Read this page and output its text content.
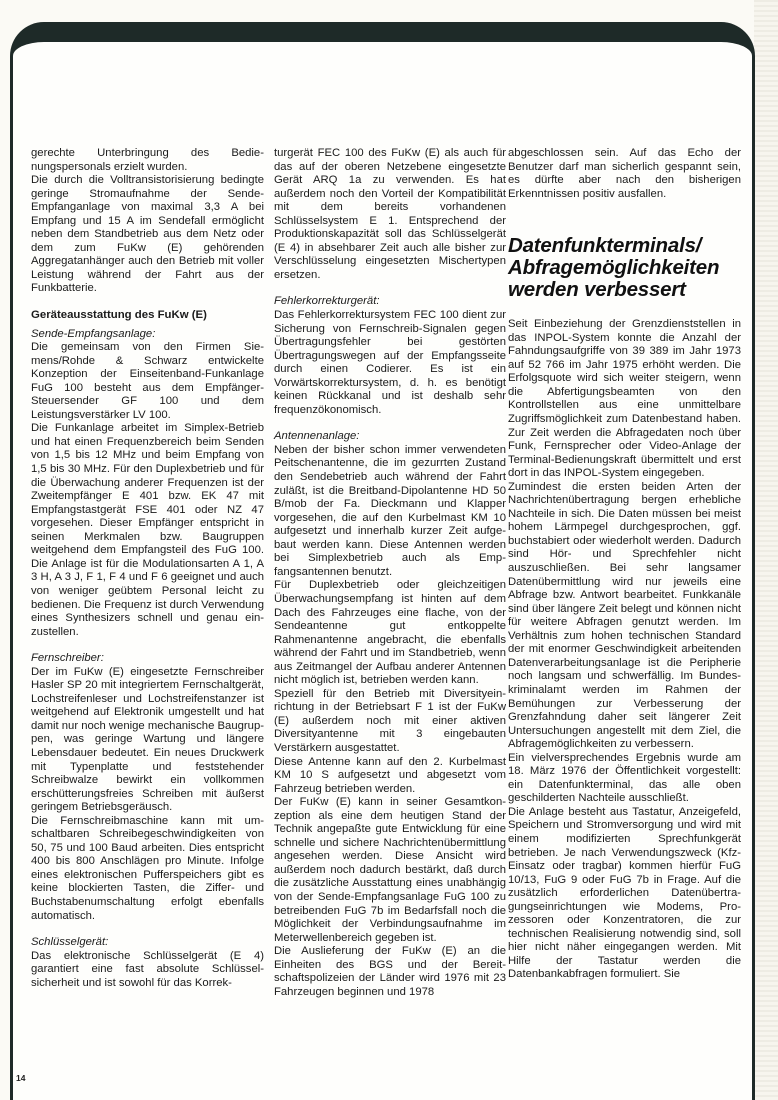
gerechte Unterbringung des Bedienungspersonals erzielt wurden.

Die durch die Volltransistorisierung bedingte geringe Stromaufnahme der Sende-Empfanganlage von maximal 3,3 A bei Empfang und 15 A im Sendefall ermöglicht neben dem Standbetrieb aus dem Netz oder dem zum FuKw (E) gehörenden Aggregatanhänger auch den Betrieb mit voller Leistung während der Fahrt aus der Funkbatterie.

Geräteausstattung des FuKw (E)

Sende-Empfangsanlage:

Die gemeinsam von den Firmen Siemens/Rohde & Schwarz entwickelte Konzeption der Einseitenband-Funkanlage FuG 100 besteht aus dem Empfänger-Steuersender GF 100 und dem Leistungsverstärker LV 100.

Die Funkanlage arbeitet im Simplex-Betrieb und hat einen Frequenzbereich beim Senden von 1,5 bis 12 MHz und beim Empfang von 1,5 bis 30 MHz. Für den Duplexbetrieb und für die Überwachung anderer Frequenzen ist der Zweitempfänger E 401 bzw. EK 47 mit Empfangstastgerät FSE 401 oder NZ 47 vorgesehen. Dieser Empfänger entspricht in seinen Merkmalen bzw. Baugruppen weitgehend dem Empfangsteil des FuG 100. Die Anlage ist für die Modulationsarten A 1, A 3 H, A 3 J, F 1, F 4 und F 6 geeignet und auch von weniger geübtem Personal leicht zu bedienen. Die Frequenz ist durch Verwendung eines Synthesizers schnell und genau einzustellen.

Fernschreiber:

Der im FuKw (E) eingesetzte Fernschreiber Hasler SP 20 mit integriertem Fernschaltgerät, Lochstreifenleser und Lochstreifenstanzer ist weitgehend auf Elektronik umgestellt und hat damit nur noch wenige mechanische Baugruppen, was geringe Wartung und längere Lebensdauer bedeutet. Ein neues Druckwerk mit Typenplatte und feststehender Schreibwalze bewirkt ein vollkommen erschütterungsfreies Schreiben mit äußerst geringem Betriebsgeräusch.

Die Fernschreibmaschine kann mit umschaltbaren Schreibegeschwindigkeiten von 50, 75 und 100 Baud arbeiten. Dies entspricht 400 bis 800 Anschlägen pro Minute. Infolge eines elektronischen Pufferspeichers gibt es keine blockierten Tasten, die Ziffer- und Buchstabenumschaltung erfolgt ebenfalls automatisch.

Schlüsselgerät:

Das elektronische Schlüsselgerät (E 4) garantiert eine fast absolute Schlüsselsicherheit und ist sowohl für das Korrek-

turgerät FEC 100 des FuKw (E) als auch für das auf der oberen Netzebene eingesetzte Gerät ARQ 1a zu verwenden. Es hat außerdem noch den Vorteil der Kompatibilität mit dem bereits vorhandenen Schlüsselsystem E 1. Entsprechend der Produktionskapazität soll das Schlüsselgerät (E 4) in absehbarer Zeit auch alle bisher zur Verschlüsselung eingesetzten Mischertypen ersetzen.

Fehlerkorrekturgerät:

Das Fehlerkorrektursystem FEC 100 dient zur Sicherung von Fernschreib-Signalen gegen Übertragungsfehler bei gestörten Übertragungswegen auf der Empfangsseite durch einen Codierer. Es ist ein Vorwärtskorrektursystem, d. h. es benötigt keinen Rückkanal und ist deshalb sehr frequenzökonomisch.

Antennenanlage:

Neben der bisher schon immer verwendeten Peitschenantenne, die im gezurrten Zustand den Sendebetrieb auch während der Fahrt zuläßt, ist die Breitband-Dipolantenne HD 50 B/mob der Fa. Dieckmann und Klapper vorgesehen, die auf den Kurbelmast KM 10 aufgesetzt und innerhalb kurzer Zeit aufgebaut werden kann. Diese Antennen werden bei Simplexbetrieb auch als Empfangsantennen benutzt.

Für Duplexbetrieb oder gleichzeitigen Überwachungsempfang ist hinten auf dem Dach des Fahrzeuges eine flache, von der Sendeantenne gut entkoppelte Rahmenantenne angebracht, die ebenfalls während der Fahrt und im Standbetrieb, wenn aus Zeitmangel der Aufbau anderer Antennen nicht möglich ist, betrieben werden kann.

Speziell für den Betrieb mit Diversityeinrichtung in der Betriebsart F 1 ist der FuKw (E) außerdem noch mit einer aktiven Diversityantenne mit 3 eingebauten Verstärkern ausgestattet.

Diese Antenne kann auf den 2. Kurbelmast KM 10 S aufgesetzt und abgesetzt vom Fahrzeug betrieben werden.

Der FuKw (E) kann in seiner Gesamtkonzeption als eine dem heutigen Stand der Technik angepaßte gute Entwicklung für eine schnelle und sichere Nachrichtenübermittlung angesehen werden. Diese Ansicht wird außerdem noch dadurch bestärkt, daß durch die zusätzliche Ausstattung eines unabhängig von der Sende-Empfangsanlage FuG 100 zu betreibenden FuG 7b im Bedarfsfall noch die Möglichkeit der Verbindungsaufnahme im Meterwellenbereich gegeben ist.

Die Auslieferung der FuKw (E) an die Einheiten des BGS und der Bereitschaftspolizeien der Länder wird 1976 mit 23 Fahrzeugen beginnen und 1978

abgeschlossen sein. Auf das Echo der Benutzer darf man sicherlich gespannt sein, es dürfte aber nach den bisherigen Erkenntnissen positiv ausfallen.

Datenfunkterminals/

Abfragemöglichkeiten

werden verbessert

Seit Einbeziehung der Grenzdienststellen in das INPOL-System konnte die Anzahl der Fahndungsaufgriffe von 39 389 im Jahr 1973 auf 52 766 im Jahr 1975 erhöht werden. Die Erfolgsquote wird sich weiter steigern, wenn die Abfertigungsbeamten von den Kontrollstellen aus eine unmittelbare Zugriffsmöglichkeit zum Datenbestand haben. Zur Zeit werden die Abfragedaten noch über Funk, Fernsprecher oder Video-Anlage der Terminal-Bedienungskraft übermittelt und erst dort in das INPOL-System eingegeben.

Zumindest die ersten beiden Arten der Nachrichtenübertragung bergen erhebliche Nachteile in sich. Die Daten müssen bei meist hohem Lärmpegel durchgesprochen, ggf. buchstabiert oder wiederholt werden. Dadurch sind Hör- und Sprechfehler nicht auszuschließen. Bei sehr langsamer Datenübermittlung wird nur jeweils eine Abfrage bzw. Antwort bearbeitet. Funkkanäle sind über längere Zeit belegt und können nicht für weitere Abfragen genutzt werden. Im Verhältnis zum hohen technischen Standard der mit enormer Geschwindigkeit arbeitenden Datenverarbeitungsanlage ist die Peripherie noch langsam und schwerfällig. Im Bundeskriminalamt werden im Rahmen der Bemühungen zur Verbesserung der Grenzfahndung daher seit längerer Zeit Untersuchungen angestellt mit dem Ziel, die Abfragemöglichkeiten zu verbessern.

Ein vielversprechendes Ergebnis wurde am 18. März 1976 der Öffentlichkeit vorgestellt: ein Datenfunkterminal, das alle oben geschilderten Nachteile ausschließt.

Die Anlage besteht aus Tastatur, Anzeigefeld, Speichern und Stromversorgung und wird mit einem modifizierten Sprechfunkgerät betrieben. Je nach Verwendungszweck (Kfz-Einsatz oder tragbar) kommen hierfür FuG 10/13, FuG 9 oder FuG 7b in Frage. Auf die zusätzlich erforderlichen Datenübertragungseinrichtungen wie Modems, Prozessoren oder Konzentratoren, die zur technischen Realisierung notwendig sind, soll hier nicht näher eingegangen werden. Mit Hilfe der Tastatur werden die Datenbankabfragen formuliert. Sie

14
